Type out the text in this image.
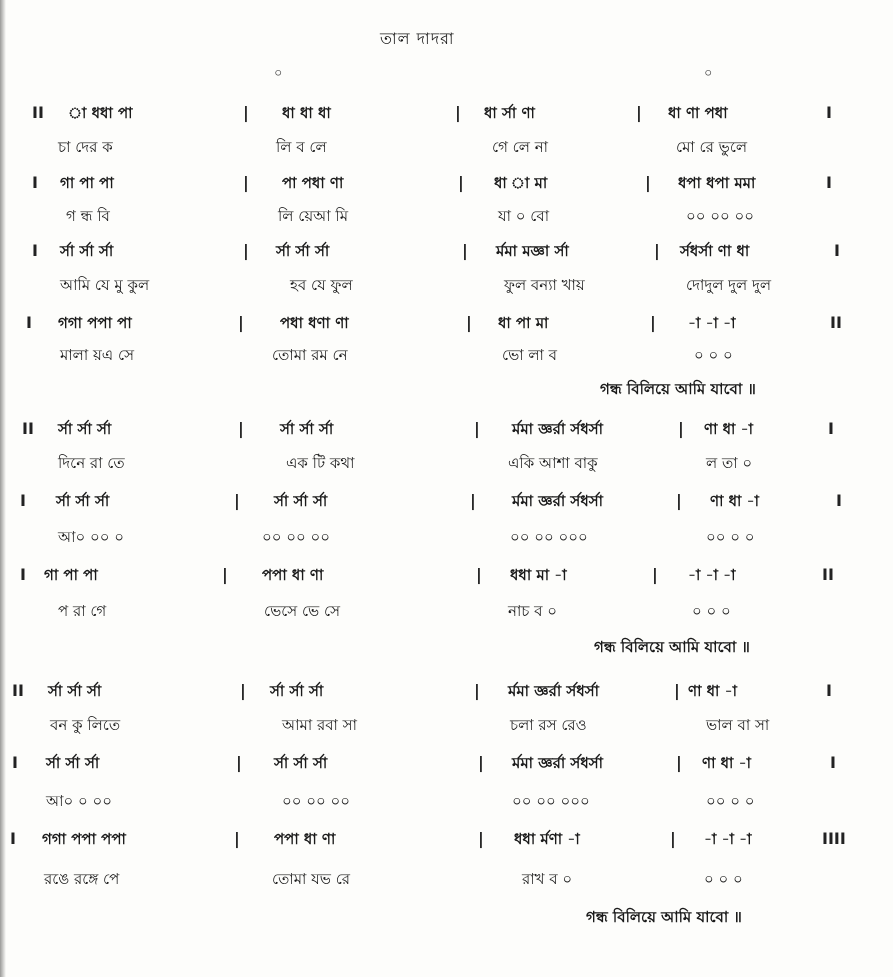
তাল দাদরা
০	০
II া ধধা পা	| ধা ধা ধা	| ধা র্সা ণা	| ধা ণা পধা	I
চা দের ক	লি ব লে	গে লে না	মো রে ভুলে
I গা পা পা	| পা পধা ণা	| ধা া মা	| ধপা ধপা মমা	I
গ ন্ধ বি	লি য়েআ মি	যা ০ বো	০০ ০০ ০০
I র্সা র্সা র্সা	| র্সা র্সা র্সা	| র্মমা মজ্ঞা র্সা	| র্সধর্সা ণা ধা	I
আমি যে মু কুল	হব যে ফুল	ফুল বন্যা খায়	দোদুল দুল দুল
I গগা পপা পা	| পধা ধণা ণা	| ধা পা মা	| -া -া -া	II
মালা য়এ সে	তোমা রম নে	ভো লা ব	০ ০ ০
গন্ধ বিলিয়ে আমি যাবো ॥
II র্সা র্সা র্সা	| র্সা র্সা র্সা	| র্মমা জ্ঞর্রা র্সধর্সা	| ণা ধা -া	I
দিনে রা তে	এক টি কথা	একি আশা বাকু	ল তা ০
I র্সা র্সা র্সা	| র্সা র্সা র্সা	| র্মমা জ্ঞর্রা র্সধর্সা	| ণা ধা -া	I
আ০ ০০ ০	০০ ০০ ০০	০০ ০০ ০০০	০০ ০ ০
I গা পা পা	| পপা ধা ণা	| ধধা মা -া	| -া -া -া	II
প রা গে	ভেসে ভে সে	নাচ ব ০	০ ০ ০
গন্ধ বিলিয়ে আমি যাবো ॥
II র্সা র্সা র্সা	| র্সা র্সা র্সা	| র্মমা জ্ঞর্রা র্সধর্সা	| ণা ধা -া	I
বন কু লিতে	আমা রবা সা	চলা রস রেও	ভাল বা সা
I র্সা র্সা র্সা	| র্সা র্সা র্সা	| র্মমা জ্ঞর্রা র্সধর্সা	| ণা ধা -া	I
আ০ ০ ০০	০০ ০০ ০০	০০ ০০ ০০০	০০ ০ ০
I গগা পপা পপা	| পপা ধা ণা	| ধধা র্মণা -া	| -া -া -া	IIII
রঙে রঙ্গে পে	তোমা যভ রে	রাখ ব ০	০ ০ ০
গন্ধ বিলিয়ে আমি যাবো ॥
